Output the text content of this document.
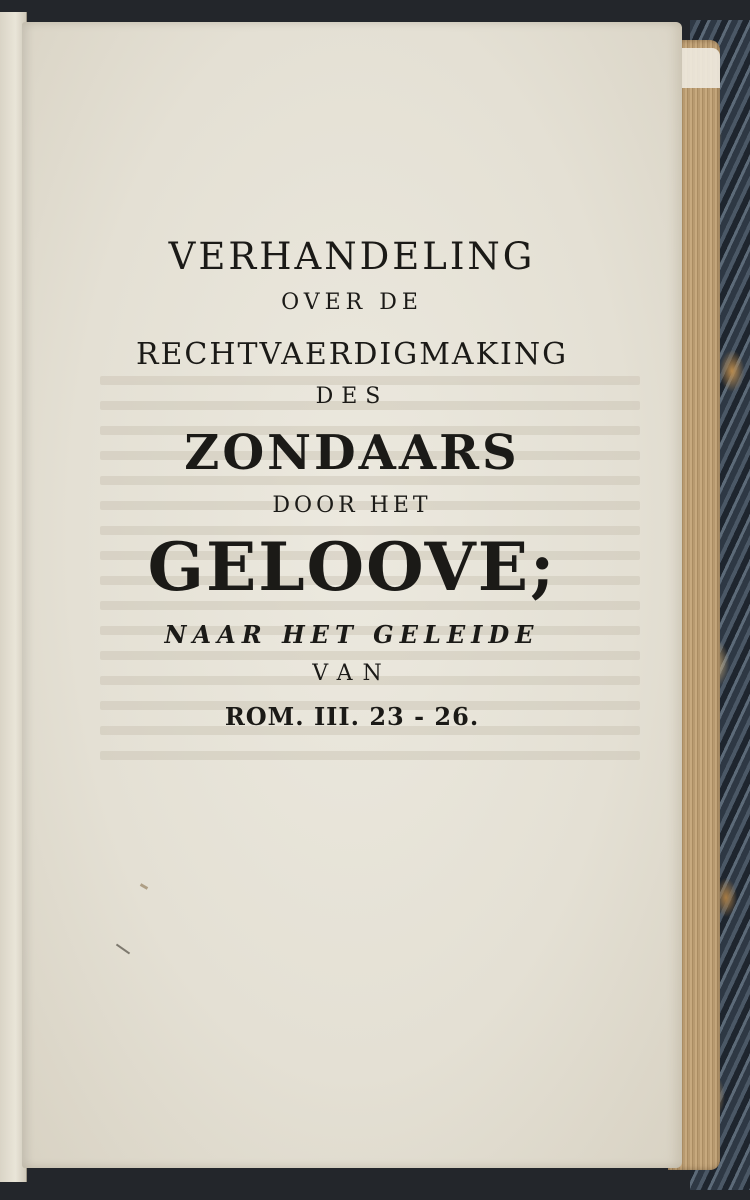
VERHANDELING
OVER DE
RECHTVAERDIGMAKING
DES
ZONDAARS
DOOR HET
GELOOVE;
NAAR HET GELEIDE
VAN
ROM. III. 23 - 26.
